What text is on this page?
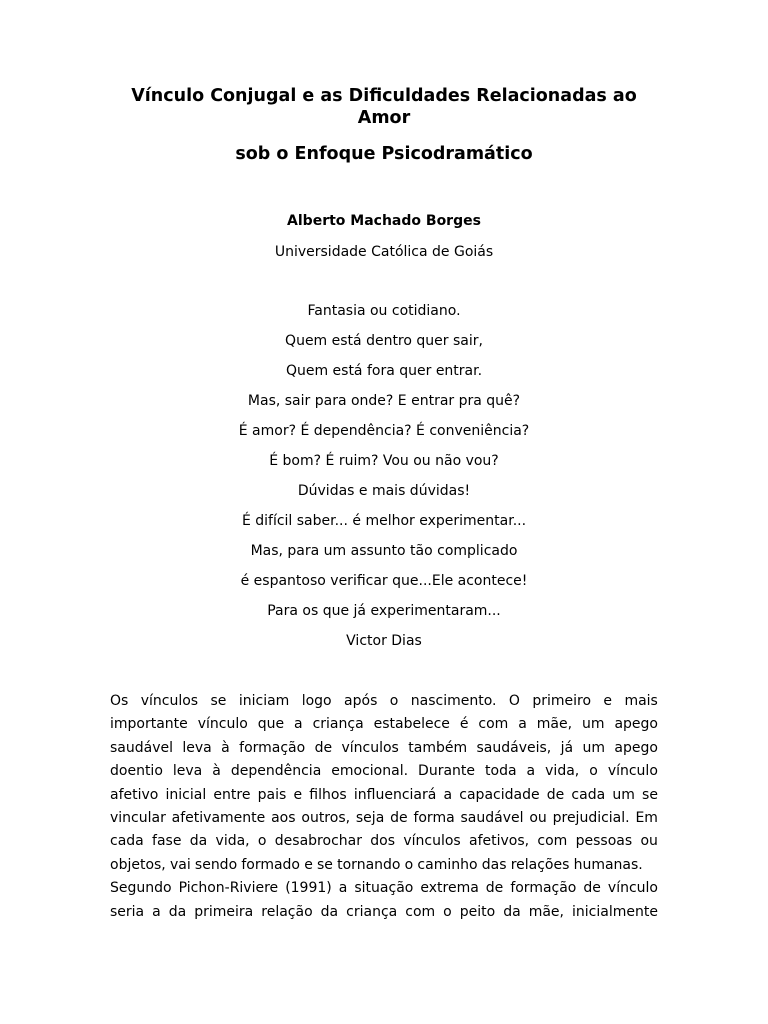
Vínculo Conjugal e as Dificuldades Relacionadas ao
Amor
sob o Enfoque Psicodramático
Alberto Machado Borges
Universidade Católica de Goiás
Fantasia ou cotidiano.
Quem está dentro quer sair,
Quem está fora quer entrar.
Mas, sair para onde? E entrar pra quê?
É amor? É dependência? É conveniência?
É bom? É ruim? Vou ou não vou?
Dúvidas e mais dúvidas!
É difícil saber... é melhor experimentar...
Mas, para um assunto tão complicado
é espantoso verificar que...Ele acontece!
Para os que já experimentaram...
Victor Dias
Os vínculos se iniciam logo após o nascimento. O primeiro e mais
importante vínculo que a criança estabelece é com a mãe, um apego
saudável leva à formação de vínculos também saudáveis, já um apego
doentio leva à dependência emocional. Durante toda a vida, o vínculo
afetivo inicial entre pais e filhos influenciará a capacidade de cada um se
vincular afetivamente aos outros, seja de forma saudável ou prejudicial. Em
cada fase da vida, o desabrochar dos vínculos afetivos, com pessoas ou
objetos, vai sendo formado e se tornando o caminho das relações humanas.
Segundo Pichon-Riviere (1991) a situação extrema de formação de vínculo
seria a da primeira relação da criança com o peito da mãe, inicialmente
